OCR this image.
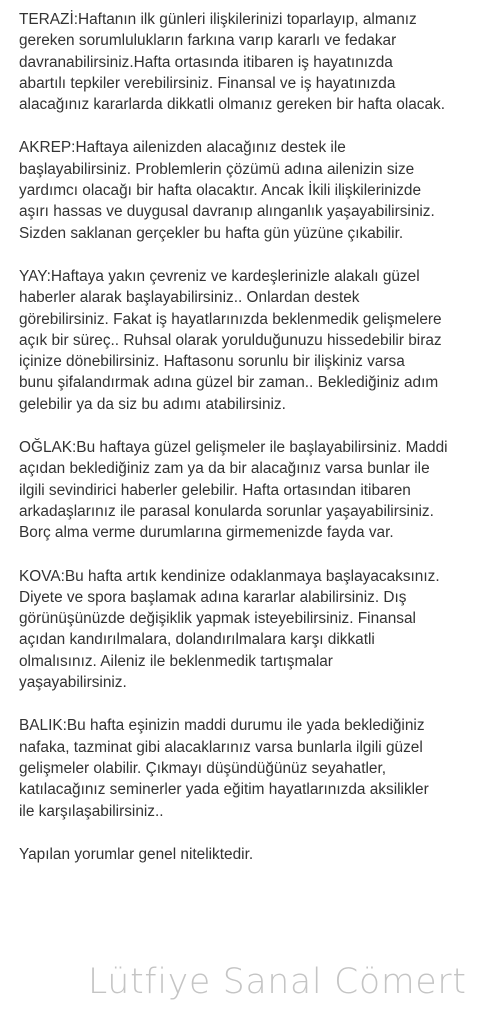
TERAZİ:Haftanın ilk günleri ilişkilerinizi toparlayıp, almanız
gereken sorumlulukların farkına varıp kararlı ve fedakar
davranabilirsiniz.Hafta ortasında itibaren iş hayatınızda
abartılı tepkiler verebilirsiniz. Finansal ve iş hayatınızda
alacağınız kararlarda dikkatli olmanız gereken bir hafta olacak.

AKREP:Haftaya ailenizden alacağınız destek ile
başlayabilirsiniz. Problemlerin çözümü adına ailenizin size
yardımcı olacağı bir hafta olacaktır. Ancak İkili ilişkilerinizde
aşırı hassas ve duygusal davranıp alınganlık yaşayabilirsiniz.
Sizden saklanan gerçekler bu hafta gün yüzüne çıkabilir.

YAY:Haftaya yakın çevreniz ve kardeşlerinizle alakalı güzel
haberler alarak başlayabilirsiniz.. Onlardan destek
görebilirsiniz. Fakat iş hayatlarınızda beklenmedik gelişmelere
açık bir süreç.. Ruhsal olarak yorulduğunuzu hissedebilir biraz
içinize dönebilirsiniz. Haftasonu sorunlu bir ilişkiniz varsa
bunu şifalandırmak adına güzel bir zaman.. Beklediğiniz adım
gelebilir ya da siz bu adımı atabilirsiniz.

OĞLAK:Bu haftaya güzel gelişmeler ile başlayabilirsiniz. Maddi
açıdan beklediğiniz zam ya da bir alacağınız varsa bunlar ile
ilgili sevindirici haberler gelebilir. Hafta ortasından itibaren
arkadaşlarınız ile parasal konularda sorunlar yaşayabilirsiniz.
Borç alma verme durumlarına girmemenizde fayda var.

KOVA:Bu hafta artık kendinize odaklanmaya başlayacaksınız.
Diyete ve spora başlamak adına kararlar alabilirsiniz. Dış
görünüşünüzde değişiklik yapmak isteyebilirsiniz. Finansal
açıdan kandırılmalara, dolandırılmalara karşı dikkatli
olmalısınız. Aileniz ile beklenmedik tartışmalar
yaşayabilirsiniz.

BALIK:Bu hafta eşinizin maddi durumu ile yada beklediğiniz
nafaka, tazminat gibi alacaklarınız varsa bunlarla ilgili güzel
gelişmeler olabilir. Çıkmayı düşündüğünüz seyahatler,
katılacağınız seminerler yada eğitim hayatlarınızda aksilikler
ile karşılaşabilirsiniz..

Yapılan yorumlar genel niteliktedir.

Lütfiye Sanal Cömert
